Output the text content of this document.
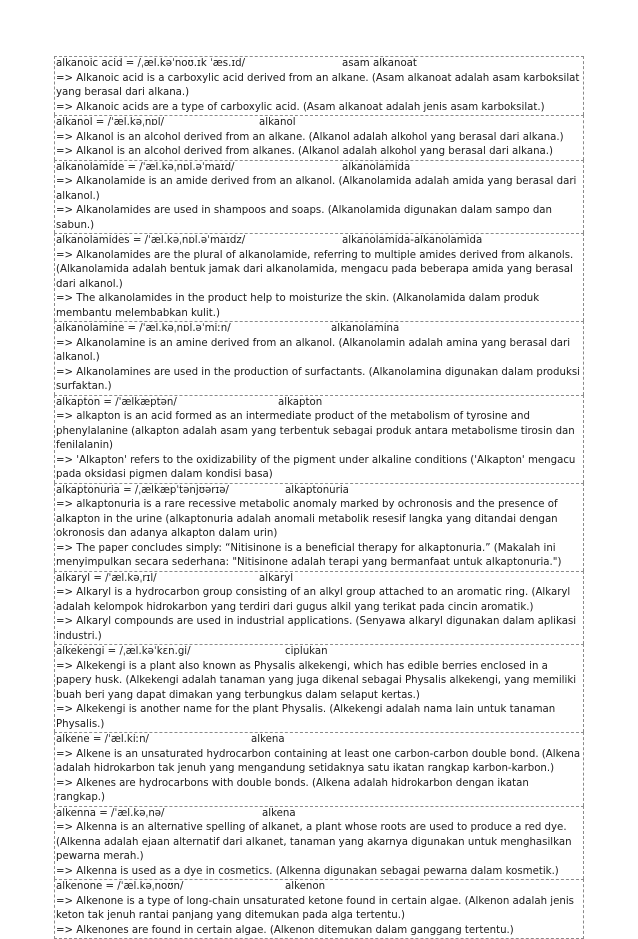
alkanoic acid = /ˌæl.kəˈnoʊ.ɪk ˈæs.ɪd/	asam alkanoat
=> Alkanoic acid is a carboxylic acid derived from an alkane. (Asam alkanoat adalah asam karboksilat yang berasal dari alkana.)
=> Alkanoic acids are a type of carboxylic acid. (Asam alkanoat adalah jenis asam karboksilat.)
alkanol = /ˈæl.kəˌnɒl/	alkanol
=> Alkanol is an alcohol derived from an alkane. (Alkanol adalah alkohol yang berasal dari alkana.)
=> Alkanol is an alcohol derived from alkanes. (Alkanol adalah alkohol yang berasal dari alkana.)
alkanolamide = /ˈæl.kəˌnɒl.əˈmaɪd/	alkanolamida
=> Alkanolamide is an amide derived from an alkanol. (Alkanolamida adalah amida yang berasal dari alkanol.)
=> Alkanolamides are used in shampoos and soaps. (Alkanolamida digunakan dalam sampo dan sabun.)
alkanolamides = /ˈæl.kəˌnɒl.əˈmaɪdz/	alkanolamida-alkanolamida
=> Alkanolamides are the plural of alkanolamide, referring to multiple amides derived from alkanols. (Alkanolamida adalah bentuk jamak dari alkanolamida, mengacu pada beberapa amida yang berasal dari alkanol.)
=> The alkanolamides in the product help to moisturize the skin. (Alkanolamida dalam produk membantu melembabkan kulit.)
alkanolamine = /ˈæl.kəˌnɒl.əˈmiːn/	alkanolamina
=> Alkanolamine is an amine derived from an alkanol. (Alkanolamin adalah amina yang berasal dari alkanol.)
=> Alkanolamines are used in the production of surfactants. (Alkanolamina digunakan dalam produksi surfaktan.)
alkapton = /ˈælkæptən/	alkapton
=> alkapton is an acid formed as an intermediate product of the metabolism of tyrosine and phenylalanine (alkapton adalah asam yang terbentuk sebagai produk antara metabolisme tirosin dan fenilalanin)
=> 'Alkapton' refers to the oxidizability of the pigment under alkaline conditions ('Alkapton' mengacu pada oksidasi pigmen dalam kondisi basa)
alkaptonuria = /ˌælkæpˈtənjʊərɪə/	alkaptonuria
=> alkaptonuria is a rare recessive metabolic anomaly marked by ochronosis and the presence of alkapton in the urine (alkaptonuria adalah anomali metabolik resesif langka yang ditandai dengan okronosis dan adanya alkapton dalam urin)
=> The paper concludes simply: “Nitisinone is a beneficial therapy for alkaptonuria.” (Makalah ini menyimpulkan secara sederhana: "Nitisinone adalah terapi yang bermanfaat untuk alkaptonuria.")
alkaryl = /ˈæl.kəˌrɪl/	alkaryl
=> Alkaryl is a hydrocarbon group consisting of an alkyl group attached to an aromatic ring. (Alkaryl adalah kelompok hidrokarbon yang terdiri dari gugus alkil yang terikat pada cincin aromatik.)
=> Alkaryl compounds are used in industrial applications. (Senyawa alkaryl digunakan dalam aplikasi industri.)
alkekengi = /ˌæl.kəˈkɛn.gi/	ciplukan
=> Alkekengi is a plant also known as Physalis alkekengi, which has edible berries enclosed in a papery husk. (Alkekengi adalah tanaman yang juga dikenal sebagai Physalis alkekengi, yang memiliki buah beri yang dapat dimakan yang terbungkus dalam selaput kertas.)
=> Alkekengi is another name for the plant Physalis. (Alkekengi adalah nama lain untuk tanaman Physalis.)
alkene = /ˈæl.kiːn/	alkena
=> Alkene is an unsaturated hydrocarbon containing at least one carbon-carbon double bond. (Alkena adalah hidrokarbon tak jenuh yang mengandung setidaknya satu ikatan rangkap karbon-karbon.)
=> Alkenes are hydrocarbons with double bonds. (Alkena adalah hidrokarbon dengan ikatan rangkap.)
alkenna = /ˈæl.kəˌnə/	alkena
=> Alkenna is an alternative spelling of alkanet, a plant whose roots are used to produce a red dye. (Alkenna adalah ejaan alternatif dari alkanet, tanaman yang akarnya digunakan untuk menghasilkan pewarna merah.)
=> Alkenna is used as a dye in cosmetics. (Alkenna digunakan sebagai pewarna dalam kosmetik.)
alkenone = /ˈæl.kəˌnoʊn/	alkenon
=> Alkenone is a type of long-chain unsaturated ketone found in certain algae. (Alkenon adalah jenis keton tak jenuh rantai panjang yang ditemukan pada alga tertentu.)
=> Alkenones are found in certain algae. (Alkenon ditemukan dalam ganggang tertentu.)
